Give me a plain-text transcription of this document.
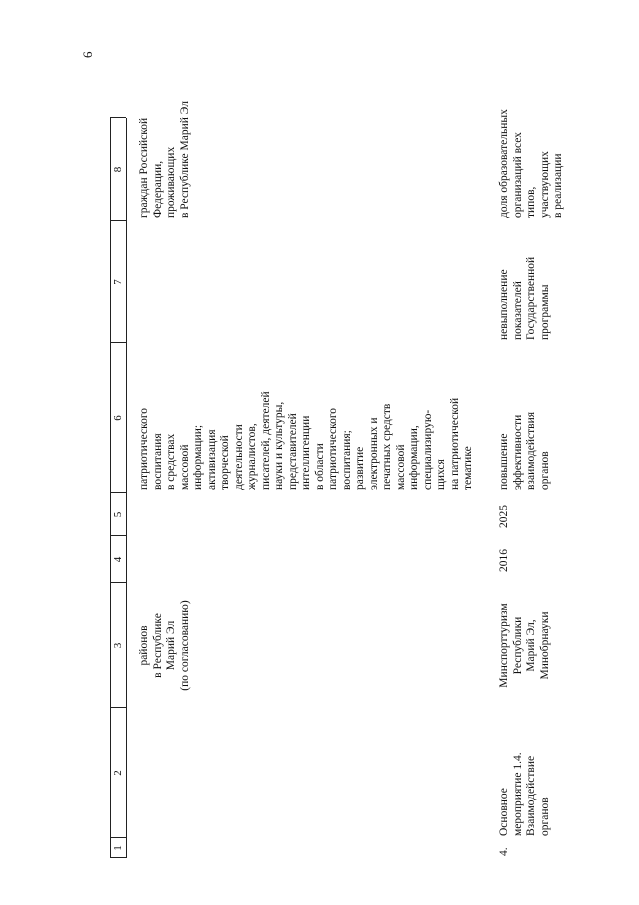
6
1
2
3
4
5
6
7
8
районов
в Республике
Марий Эл
(по согласованию)
патриотического
воспитания
в средствах
массовой
информации;
активизация
творческой
деятельности
журналистов,
писателей, деятелей
науки и культуры,
представителей
интеллигенции
в области
патриотического
воспитания;
развитие
электронных и
печатных средств
массовой
информации,
специализирую-
щихся
на патриотической
тематике
граждан Российской
Федерации,
проживающих
в Республике Марий Эл
4.
Основное
мероприятие 1.4.
Взаимодействие
органов
Минспорттуризм
Республики
Марий Эл,
Минобрнауки
2016
2025
повышение
эффективности
взаимодействия
органов
невыполнение
показателей
Государственной
программы
доля образовательных
организаций всех типов,
участвующих
в реализации
